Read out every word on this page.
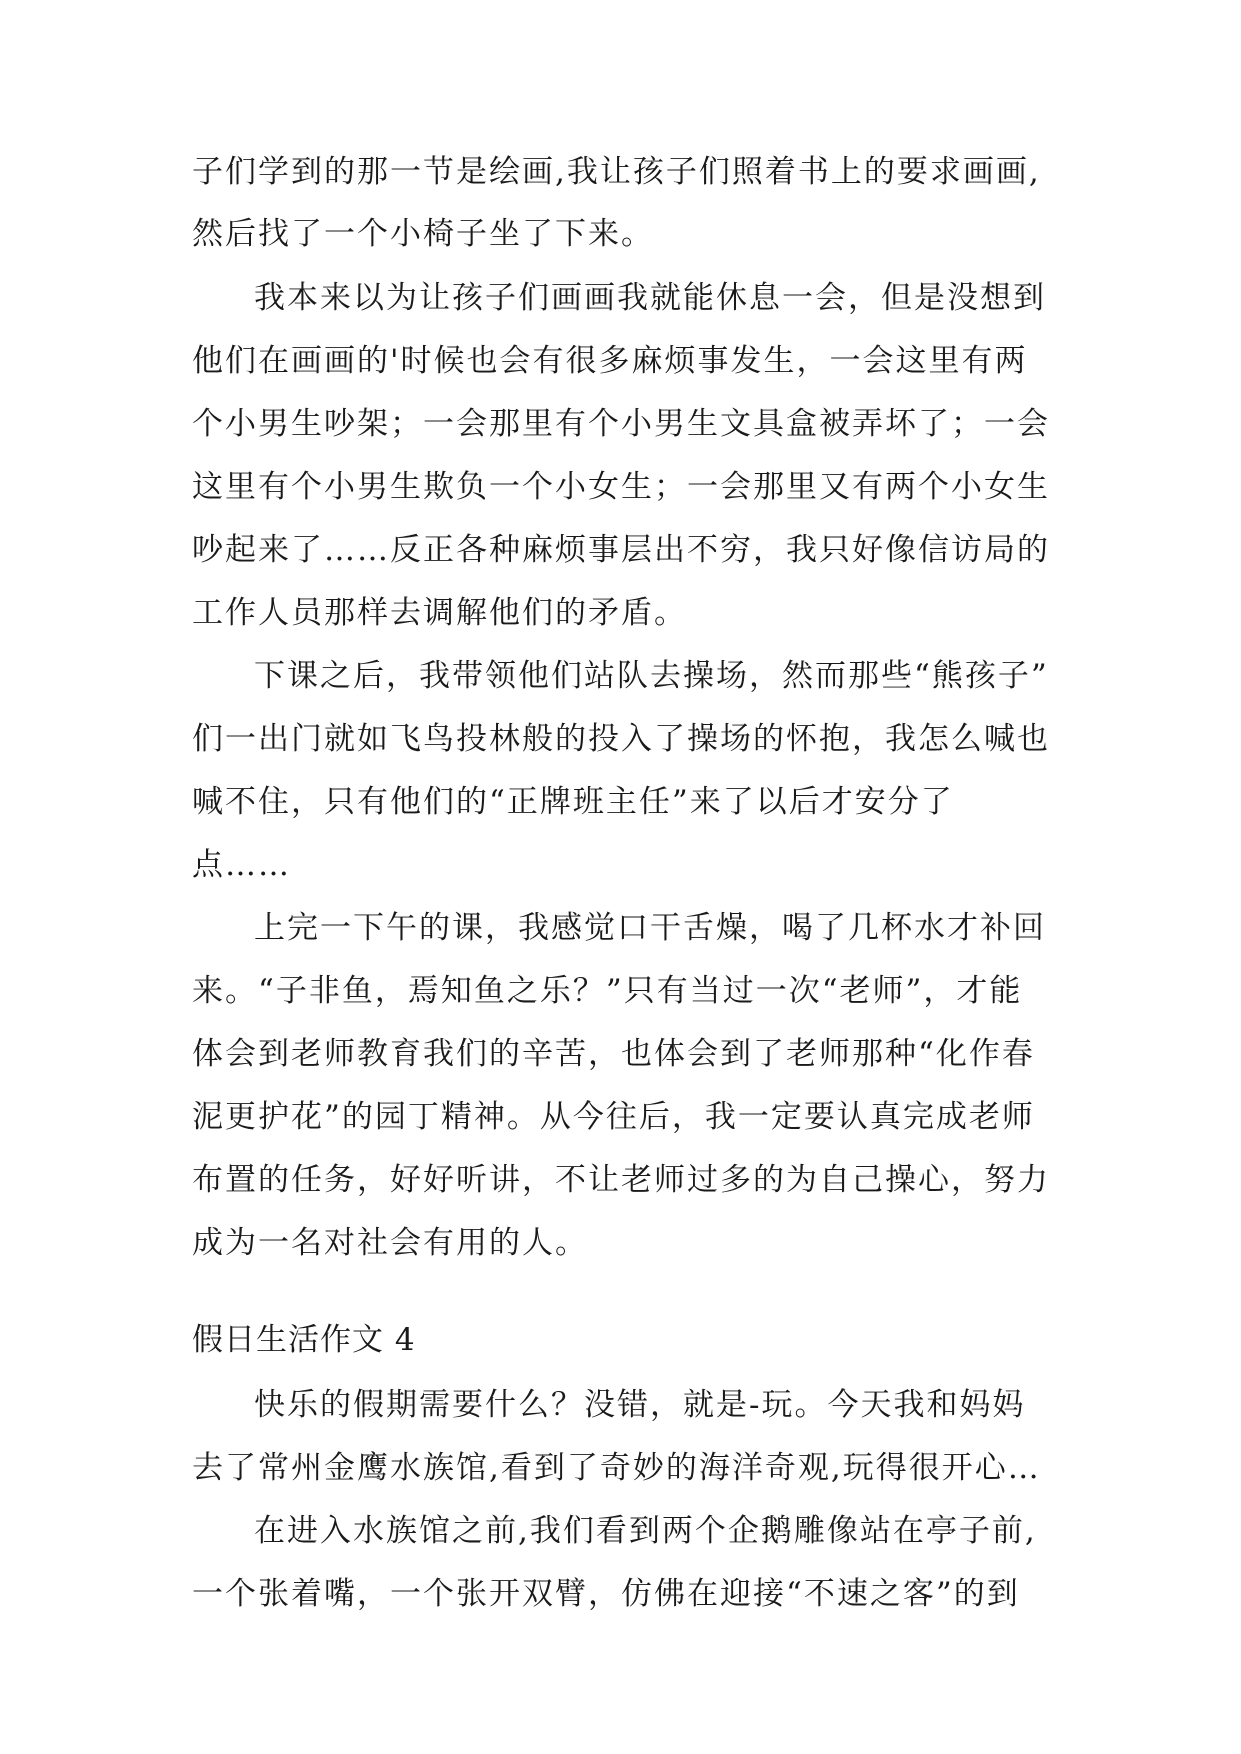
子们学到的那一节是绘画,我让孩子们照着书上的要求画画,
然后找了一个小椅子坐了下来。
我本来以为让孩子们画画我就能休息一会，但是没想到
他们在画画的'时候也会有很多麻烦事发生，一会这里有两
个小男生吵架；一会那里有个小男生文具盒被弄坏了；一会
这里有个小男生欺负一个小女生；一会那里又有两个小女生
吵起来了……反正各种麻烦事层出不穷，我只好像信访局的
工作人员那样去调解他们的矛盾。
下课之后，我带领他们站队去操场，然而那些“熊孩子”
们一出门就如飞鸟投林般的投入了操场的怀抱，我怎么喊也
喊不住，只有他们的“正牌班主任”来了以后才安分了
点……
上完一下午的课，我感觉口干舌燥，喝了几杯水才补回
来。“子非鱼，焉知鱼之乐？”只有当过一次“老师”，才能
体会到老师教育我们的辛苦，也体会到了老师那种“化作春
泥更护花”的园丁精神。从今往后，我一定要认真完成老师
布置的任务，好好听讲，不让老师过多的为自己操心，努力
成为一名对社会有用的人。
假日生活作文 4
快乐的假期需要什么？没错，就是-玩。今天我和妈妈
去了常州金鹰水族馆,看到了奇妙的海洋奇观,玩得很开心…
在进入水族馆之前,我们看到两个企鹅雕像站在亭子前,
一个张着嘴，一个张开双臂，仿佛在迎接“不速之客”的到
